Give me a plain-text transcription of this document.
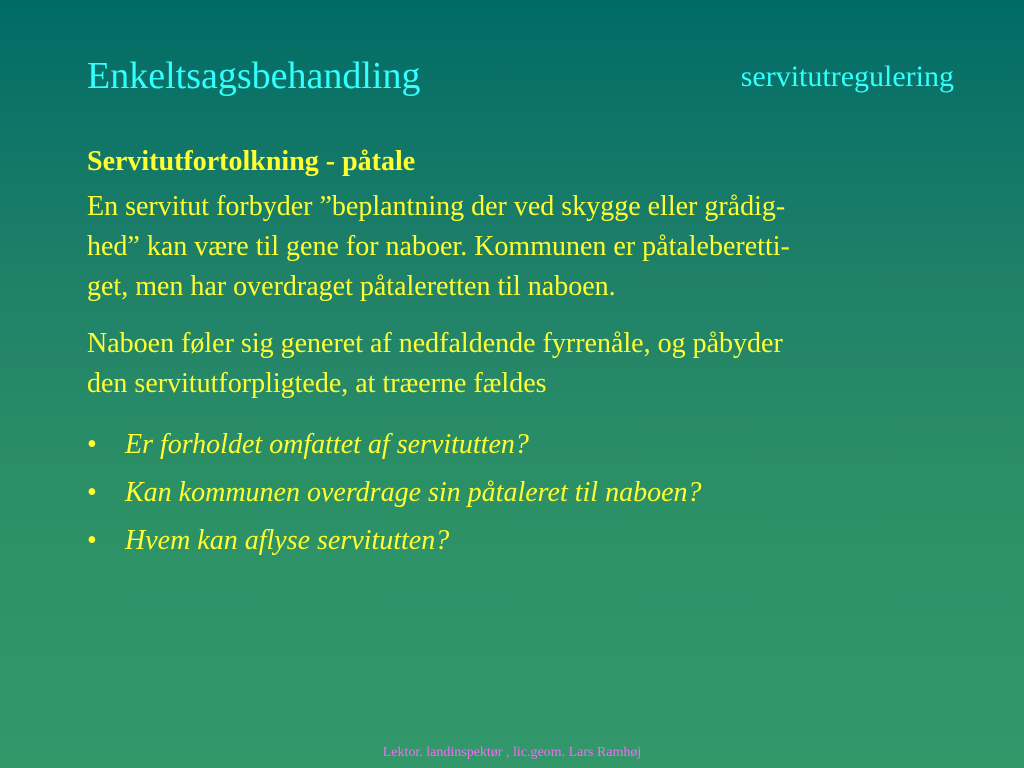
Enkeltsagsbehandling	servitutregulering
Servitutfortolkning - påtale

En servitut forbyder ”beplantning der ved skygge eller grådig-
hed” kan være til gene for naboer. Kommunen er påtaleberetti-
get, men har overdraget påtaleretten til naboen.

Naboen føler sig generet af nedfaldende fyrrenåle, og påbyder
den servitutforpligtede, at træerne fældes

•	Er forholdet omfattet af servitutten?
•	Kan kommunen overdrage sin påtaleret til naboen?
•	Hvem kan aflyse servitutten?
Lektor. landinspektør , lic.geom. Lars Ramhøj
